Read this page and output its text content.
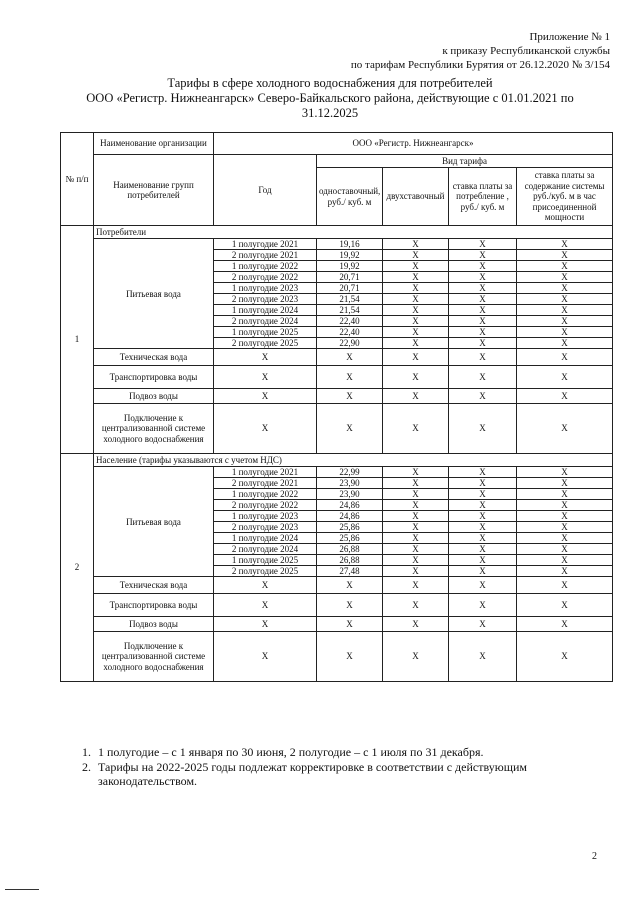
Приложение № 1
к приказу Республиканской службы
по тарифам Республики Бурятия от 26.12.2020 № 3/154
Тарифы в сфере холодного водоснабжения для потребителей
ООО «Регистр. Нижнеангарск» Северо-Байкальского района, действующие с 01.01.2021 по
31.12.2025
№ п/п	Наименование организации	ООО «Регистр. Нижнеангарск»				
	Наименование групп потребителей	Год	Вид тарифа			
			одноставочный, руб./ куб. м	двухставочный	ставка платы за потребление , руб./ куб. м	ставка платы за содержание системы руб./куб. м в час присоединенной мощности
1	Потребители					
	Питьевая вода	1 полугодие 2021	19,16	X	X	X
		2 полугодие 2021	19,92	X	X	X
		1 полугодие 2022	19,92	X	X	X
		2 полугодие 2022	20,71	X	X	X
		1 полугодие 2023	20,71	X	X	X
		2 полугодие 2023	21,54	X	X	X
		1 полугодие 2024	21,54	X	X	X
		2 полугодие 2024	22,40	X	X	X
		1 полугодие 2025	22,40	X	X	X
		2 полугодие 2025	22,90	X	X	X
	Техническая вода	X	X	X	X	X
	Транспортировка воды	X	X	X	X	X
	Подвоз воды	X	X	X	X	X
	Подключение к централизованной системе холодного водоснабжения	X	X	X	X	X
2	Население (тарифы указываются с учетом НДС)					
	Питьевая вода	1 полугодие 2021	22,99	X	X	X
		2 полугодие 2021	23,90	X	X	X
		1 полугодие 2022	23,90	X	X	X
		2 полугодие 2022	24,86	X	X	X
		1 полугодие 2023	24,86	X	X	X
		2 полугодие 2023	25,86	X	X	X
		1 полугодие 2024	25,86	X	X	X
		2 полугодие 2024	26,88	X	X	X
		1 полугодие 2025	26,88	X	X	X
		2 полугодие 2025	27,48	X	X	X
	Техническая вода	X	X	X	X	X
	Транспортировка воды	X	X	X	X	X
	Подвоз воды	X	X	X	X	X
	Подключение к централизованной системе холодного водоснабжения	X	X	X	X	X
1. 1 полугодие – с 1 января по 30 июня, 2 полугодие – с 1 июля по 31 декабря.
2. Тарифы на 2022-2025 годы подлежат корректировке в соответствии с действующим законодательством.
2
